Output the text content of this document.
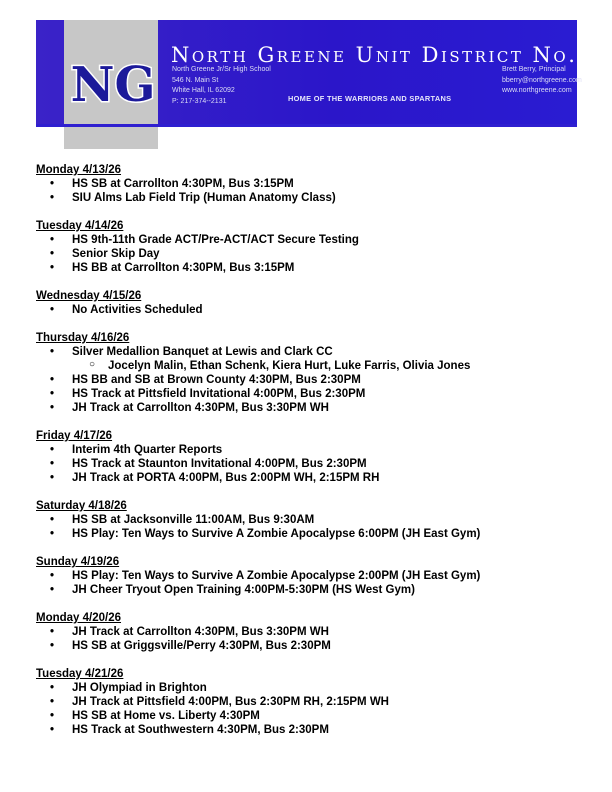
NG
North Greene Unit District No. 3
North Greene Jr/Sr High School
546 N. Main St
White Hall, IL 62092
P: 217-374--2131
Brett Berry, Principal
bberry@northgreene.com
www.northgreene.com
HOME OF THE WARRIORS AND SPARTANS
Monday 4/13/26
• HS SB at Carrollton 4:30PM, Bus 3:15PM
• SIU Alms Lab Field Trip (Human Anatomy Class)
Tuesday 4/14/26
• HS 9th-11th Grade ACT/Pre-ACT/ACT Secure Testing
• Senior Skip Day
• HS BB at Carrollton 4:30PM, Bus 3:15PM
Wednesday 4/15/26
• No Activities Scheduled
Thursday 4/16/26
• Silver Medallion Banquet at Lewis and Clark CC
○ Jocelyn Malin, Ethan Schenk, Kiera Hurt, Luke Farris, Olivia Jones
• HS BB and SB at Brown County 4:30PM, Bus 2:30PM
• HS Track at Pittsfield Invitational 4:00PM, Bus 2:30PM
• JH Track at Carrollton 4:30PM, Bus 3:30PM WH
Friday 4/17/26
• Interim 4th Quarter Reports
• HS Track at Staunton Invitational 4:00PM, Bus 2:30PM
• JH Track at PORTA 4:00PM, Bus 2:00PM WH, 2:15PM RH
Saturday 4/18/26
• HS SB at Jacksonville 11:00AM, Bus 9:30AM
• HS Play: Ten Ways to Survive A Zombie Apocalypse 6:00PM (JH East Gym)
Sunday 4/19/26
• HS Play: Ten Ways to Survive A Zombie Apocalypse 2:00PM (JH East Gym)
• JH Cheer Tryout Open Training 4:00PM-5:30PM (HS West Gym)
Monday 4/20/26
• JH Track at Carrollton 4:30PM, Bus 3:30PM WH
• HS SB at Griggsville/Perry 4:30PM, Bus 2:30PM
Tuesday 4/21/26
• JH Olympiad in Brighton
• JH Track at Pittsfield 4:00PM, Bus 2:30PM RH, 2:15PM WH
• HS SB at Home vs. Liberty 4:30PM
• HS Track at Southwestern 4:30PM, Bus 2:30PM
